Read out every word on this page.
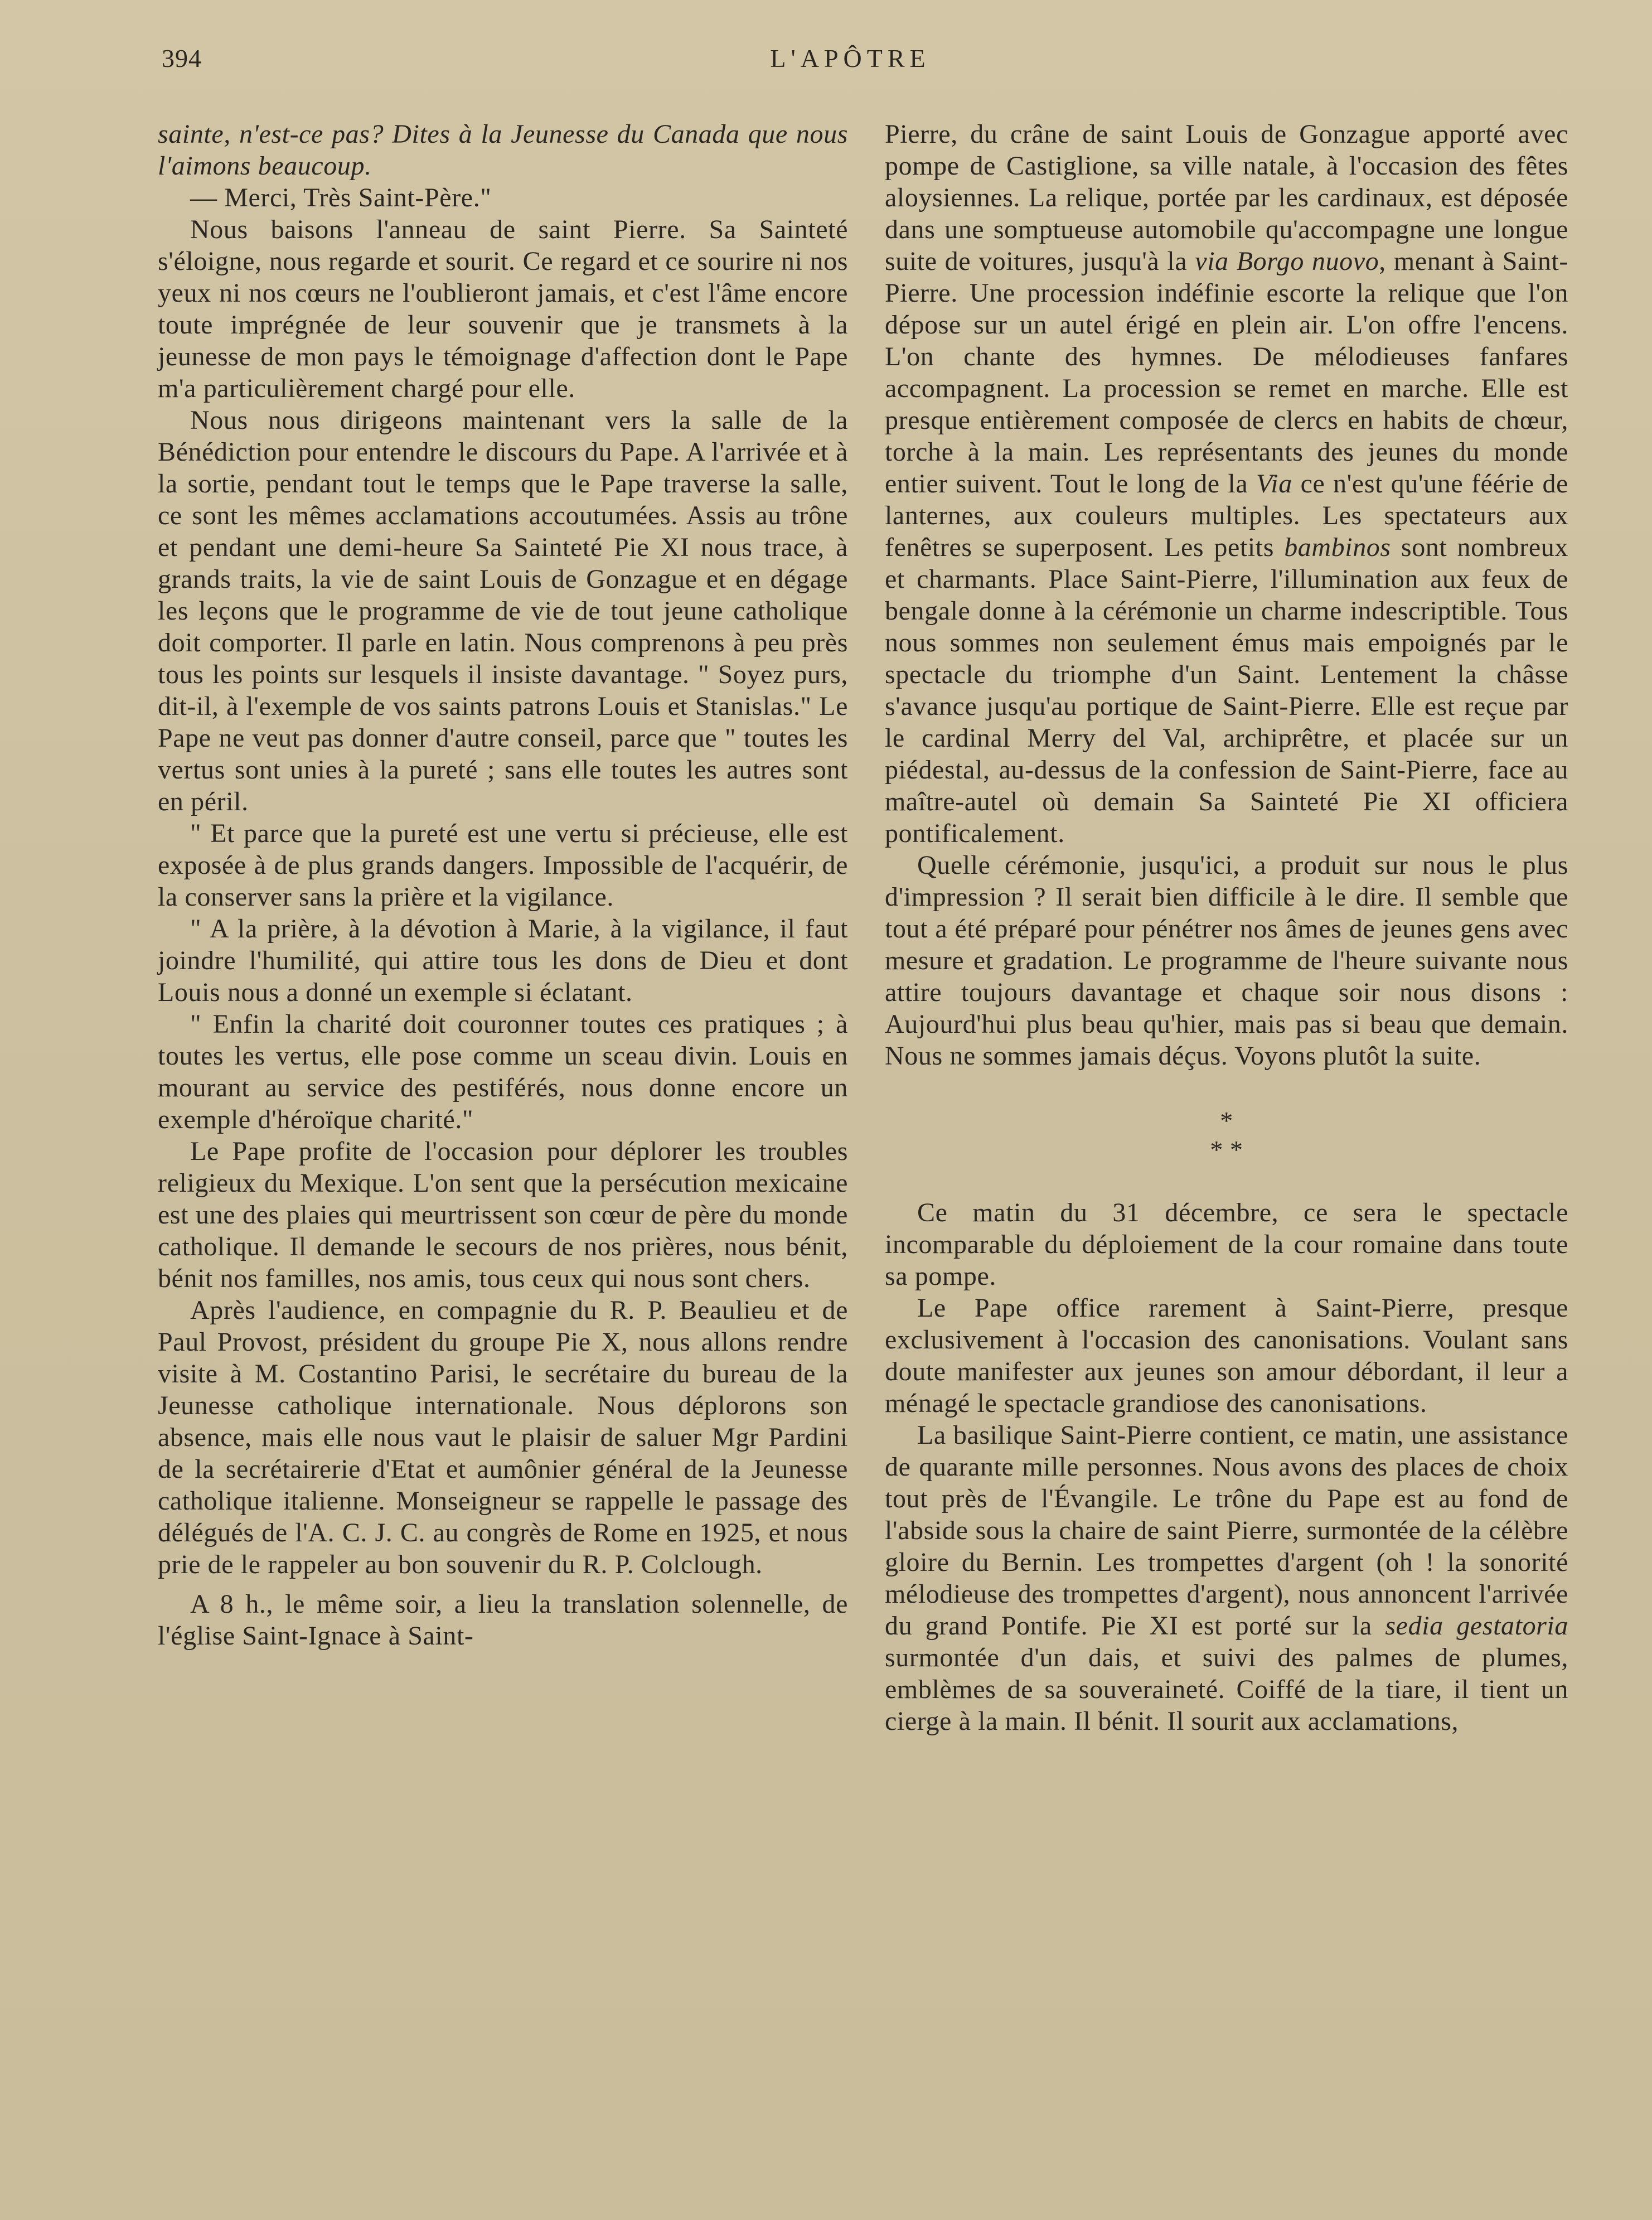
394	L'APÔTRE

sainte, n'est-ce pas? Dites à la Jeunesse du Canada que nous l'aimons beaucoup.

— Merci, Très Saint-Père."

Nous baisons l'anneau de saint Pierre. Sa Sainteté s'éloigne, nous regarde et sourit. Ce regard et ce sourire ni nos yeux ni nos cœurs ne l'oublieront jamais, et c'est l'âme encore toute imprégnée de leur souvenir que je transmets à la jeunesse de mon pays le témoignage d'affection dont le Pape m'a particulièrement chargé pour elle.

Nous nous dirigeons maintenant vers la salle de la Bénédiction pour entendre le discours du Pape. A l'arrivée et à la sortie, pendant tout le temps que le Pape traverse la salle, ce sont les mêmes acclamations accoutumées. Assis au trône et pendant une demi-heure Sa Sainteté Pie XI nous trace, à grands traits, la vie de saint Louis de Gonzague et en dégage les leçons que le programme de vie de tout jeune catholique doit comporter. Il parle en latin. Nous comprenons à peu près tous les points sur lesquels il insiste davantage. " Soyez purs, dit-il, à l'exemple de vos saints patrons Louis et Stanislas." Le Pape ne veut pas donner d'autre conseil, parce que " toutes les vertus sont unies à la pureté ; sans elle toutes les autres sont en péril.

" Et parce que la pureté est une vertu si précieuse, elle est exposée à de plus grands dangers. Impossible de l'acquérir, de la conserver sans la prière et la vigilance.

" A la prière, à la dévotion à Marie, à la vigilance, il faut joindre l'humilité, qui attire tous les dons de Dieu et dont Louis nous a donné un exemple si éclatant.

" Enfin la charité doit couronner toutes ces pratiques ; à toutes les vertus, elle pose comme un sceau divin. Louis en mourant au service des pestiférés, nous donne encore un exemple d'héroïque charité."

Le Pape profite de l'occasion pour déplorer les troubles religieux du Mexique. L'on sent que la persécution mexicaine est une des plaies qui meurtrissent son cœur de père du monde catholique. Il demande le secours de nos prières, nous bénit, bénit nos familles, nos amis, tous ceux qui nous sont chers.

Après l'audience, en compagnie du R. P. Beaulieu et de Paul Provost, président du groupe Pie X, nous allons rendre visite à M. Costantino Parisi, le secrétaire du bureau de la Jeunesse catholique internationale. Nous déplorons son absence, mais elle nous vaut le plaisir de saluer Mgr Pardini de la secrétairerie d'Etat et aumônier général de la Jeunesse catholique italienne. Monseigneur se rappelle le passage des délégués de l'A. C. J. C. au congrès de Rome en 1925, et nous prie de le rappeler au bon souvenir du R. P. Colclough.

A 8 h., le même soir, a lieu la translation solennelle, de l'église Saint-Ignace à Saint-

Pierre, du crâne de saint Louis de Gonzague apporté avec pompe de Castiglione, sa ville natale, à l'occasion des fêtes aloysiennes. La relique, portée par les cardinaux, est déposée dans une somptueuse automobile qu'accompagne une longue suite de voitures, jusqu'à la via Borgo nuovo, menant à Saint-Pierre. Une procession indéfinie escorte la relique que l'on dépose sur un autel érigé en plein air. L'on offre l'encens. L'on chante des hymnes. De mélodieuses fanfares accompagnent. La procession se remet en marche. Elle est presque entièrement composée de clercs en habits de chœur, torche à la main. Les représentants des jeunes du monde entier suivent. Tout le long de la Via ce n'est qu'une féérie de lanternes, aux couleurs multiples. Les spectateurs aux fenêtres se superposent. Les petits bambinos sont nombreux et charmants. Place Saint-Pierre, l'illumination aux feux de bengale donne à la cérémonie un charme indescriptible. Tous nous sommes non seulement émus mais empoignés par le spectacle du triomphe d'un Saint. Lentement la châsse s'avance jusqu'au portique de Saint-Pierre. Elle est reçue par le cardinal Merry del Val, archiprêtre, et placée sur un piédestal, au-dessus de la confession de Saint-Pierre, face au maître-autel où demain Sa Sainteté Pie XI officiera pontificalement.

Quelle cérémonie, jusqu'ici, a produit sur nous le plus d'impression ? Il serait bien difficile à le dire. Il semble que tout a été préparé pour pénétrer nos âmes de jeunes gens avec mesure et gradation. Le programme de l'heure suivante nous attire toujours davantage et chaque soir nous disons : Aujourd'hui plus beau qu'hier, mais pas si beau que demain. Nous ne sommes jamais déçus. Voyons plutôt la suite.

*
* *

Ce matin du 31 décembre, ce sera le spectacle incomparable du déploiement de la cour romaine dans toute sa pompe.

Le Pape office rarement à Saint-Pierre, presque exclusivement à l'occasion des canonisations. Voulant sans doute manifester aux jeunes son amour débordant, il leur a ménagé le spectacle grandiose des canonisations.

La basilique Saint-Pierre contient, ce matin, une assistance de quarante mille personnes. Nous avons des places de choix tout près de l'Évangile. Le trône du Pape est au fond de l'abside sous la chaire de saint Pierre, surmontée de la célèbre gloire du Bernin. Les trompettes d'argent (oh ! la sonorité mélodieuse des trompettes d'argent), nous annoncent l'arrivée du grand Pontife. Pie XI est porté sur la sedia gestatoria surmontée d'un dais, et suivi des palmes de plumes, emblèmes de sa souveraineté. Coiffé de la tiare, il tient un cierge à la main. Il bénit. Il sourit aux acclamations,
